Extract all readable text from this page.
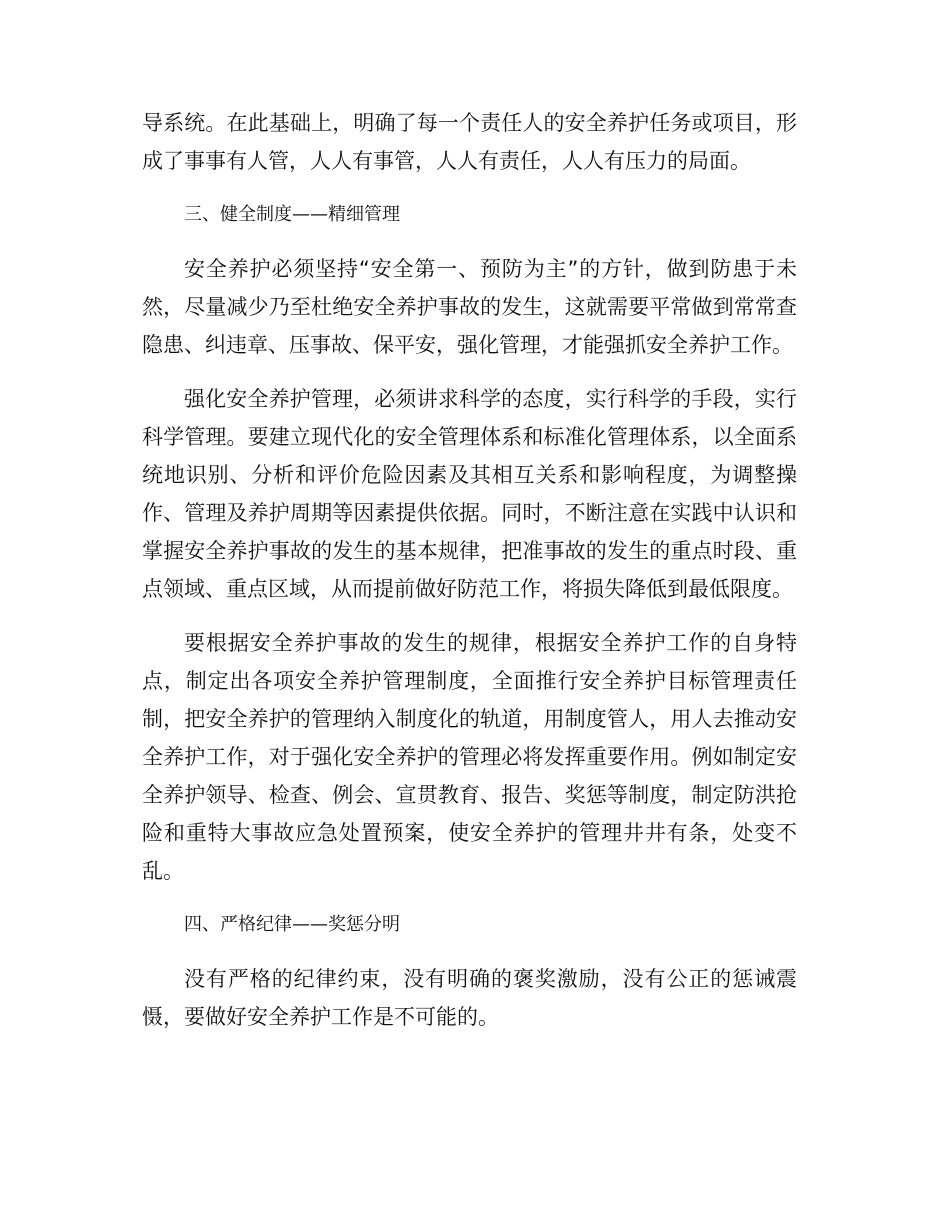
导系统。在此基础上，明确了每一个责任人的安全养护任务或项目，形成了事事有人管，人人有事管，人人有责任，人人有压力的局面。

三、健全制度——精细管理

安全养护必须坚持“安全第一、预防为主”的方针，做到防患于未然，尽量减少乃至杜绝安全养护事故的发生，这就需要平常做到常常查隐患、纠违章、压事故、保平安，强化管理，才能强抓安全养护工作。

强化安全养护管理，必须讲求科学的态度，实行科学的手段，实行科学管理。要建立现代化的安全管理体系和标准化管理体系，以全面系统地识别、分析和评价危险因素及其相互关系和影响程度，为调整操作、管理及养护周期等因素提供依据。同时，不断注意在实践中认识和掌握安全养护事故的发生的基本规律，把准事故的发生的重点时段、重点领域、重点区域，从而提前做好防范工作，将损失降低到最低限度。

要根据安全养护事故的发生的规律，根据安全养护工作的自身特点，制定出各项安全养护管理制度，全面推行安全养护目标管理责任制，把安全养护的管理纳入制度化的轨道，用制度管人，用人去推动安全养护工作，对于强化安全养护的管理必将发挥重要作用。例如制定安全养护领导、检查、例会、宣贯教育、报告、奖惩等制度，制定防洪抢险和重特大事故应急处置预案，使安全养护的管理井井有条，处变不乱。

四、严格纪律——奖惩分明

没有严格的纪律约束，没有明确的褒奖激励，没有公正的惩诫震慑，要做好安全养护工作是不可能的。
